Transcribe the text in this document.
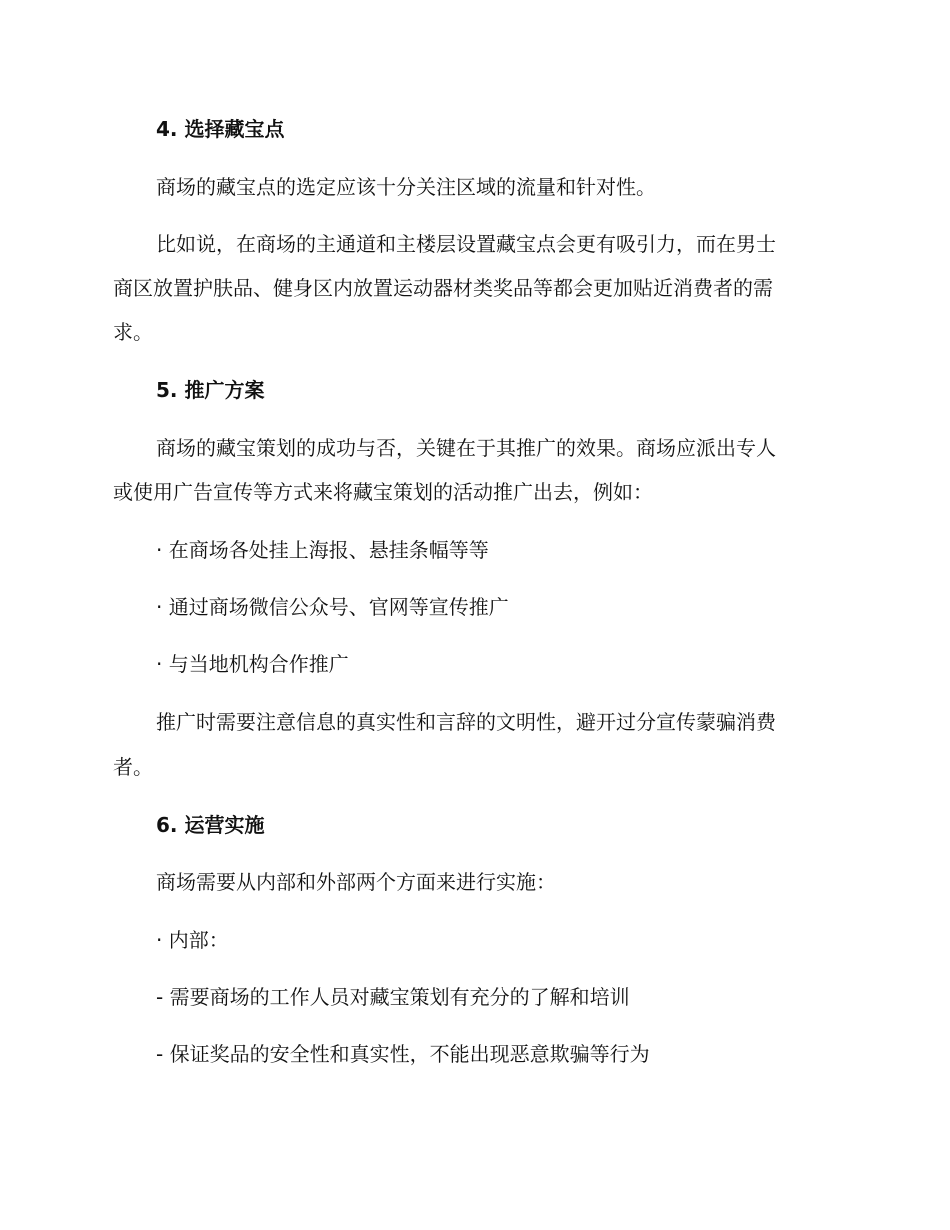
4. 选择藏宝点
商场的藏宝点的选定应该十分关注区域的流量和针对性。
比如说，在商场的主通道和主楼层设置藏宝点会更有吸引力，而在男士
商区放置护肤品、健身区内放置运动器材类奖品等都会更加贴近消费者的需
求。
5. 推广方案
商场的藏宝策划的成功与否，关键在于其推广的效果。商场应派出专人
或使用广告宣传等方式来将藏宝策划的活动推广出去，例如：
· 在商场各处挂上海报、悬挂条幅等等
· 通过商场微信公众号、官网等宣传推广
· 与当地机构合作推广
推广时需要注意信息的真实性和言辞的文明性，避开过分宣传蒙骗消费
者。
6. 运营实施
商场需要从内部和外部两个方面来进行实施：
· 内部：
- 需要商场的工作人员对藏宝策划有充分的了解和培训
- 保证奖品的安全性和真实性，不能出现恶意欺骗等行为
